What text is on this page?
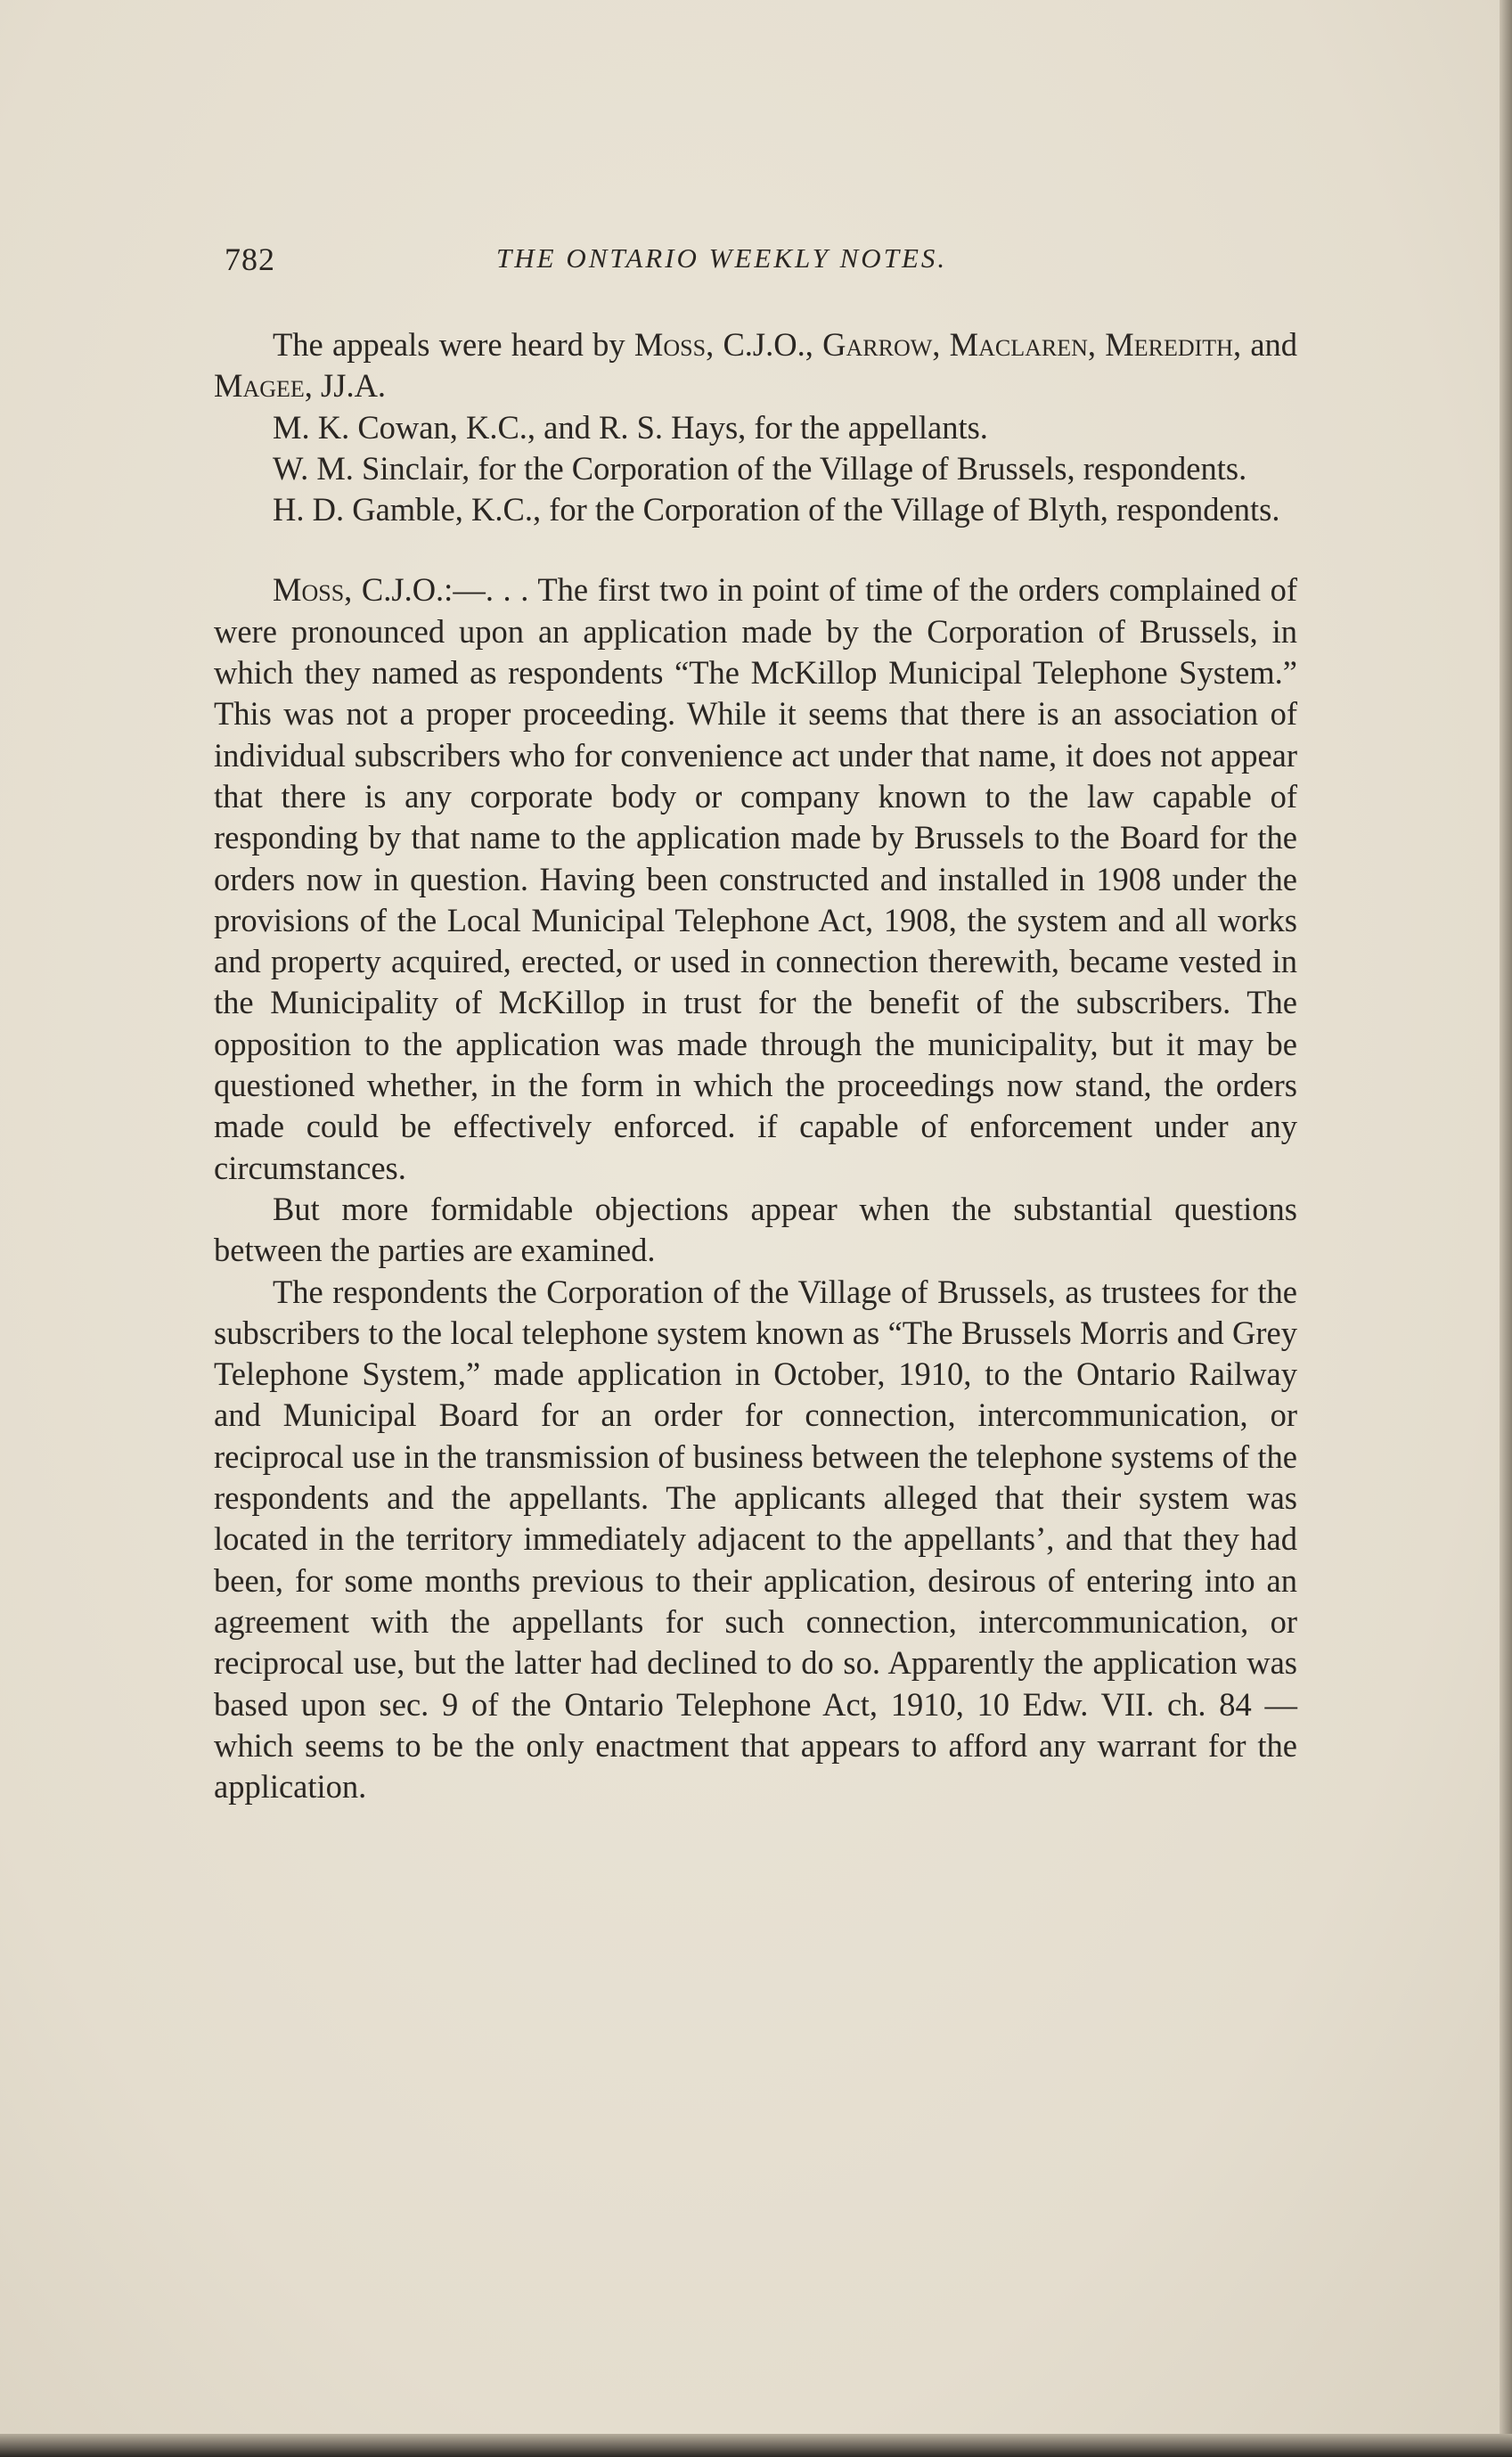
782	THE ONTARIO WEEKLY NOTES.

The appeals were heard by Moss, C.J.O., Garrow, Maclaren, Meredith, and Magee, JJ.A.

M. K. Cowan, K.C., and R. S. Hays, for the appellants.

W. M. Sinclair, for the Corporation of the Village of Brussels, respondents.

H. D. Gamble, K.C., for the Corporation of the Village of Blyth, respondents.

Moss, C.J.O.:—. . . The first two in point of time of the orders complained of were pronounced upon an application made by the Corporation of Brussels, in which they named as respondents “The McKillop Municipal Telephone System.” This was not a proper proceeding. While it seems that there is an association of individual subscribers who for convenience act under that name, it does not appear that there is any corporate body or company known to the law capable of responding by that name to the application made by Brussels to the Board for the orders now in question. Having been constructed and installed in 1908 under the provisions of the Local Municipal Telephone Act, 1908, the system and all works and property acquired, erected, or used in connection therewith, became vested in the Municipality of McKillop in trust for the benefit of the subscribers. The opposition to the application was made through the municipality, but it may be questioned whether, in the form in which the proceedings now stand, the orders made could be effectively enforced. if capable of enforcement under any circumstances.

But more formidable objections appear when the substantial questions between the parties are examined.

The respondents the Corporation of the Village of Brussels, as trustees for the subscribers to the local telephone system known as “The Brussels Morris and Grey Telephone System,” made application in October, 1910, to the Ontario Railway and Municipal Board for an order for connection, intercommunication, or reciprocal use in the transmission of business between the telephone systems of the respondents and the appellants. The applicants alleged that their system was located in the territory immediately adjacent to the appellants’, and that they had been, for some months previous to their application, desirous of entering into an agreement with the appellants for such connection, intercommunication, or reciprocal use, but the latter had declined to do so. Apparently the application was based upon sec. 9 of the Ontario Telephone Act, 1910, 10 Edw. VII. ch. 84 —which seems to be the only enactment that appears to afford any warrant for the application.
